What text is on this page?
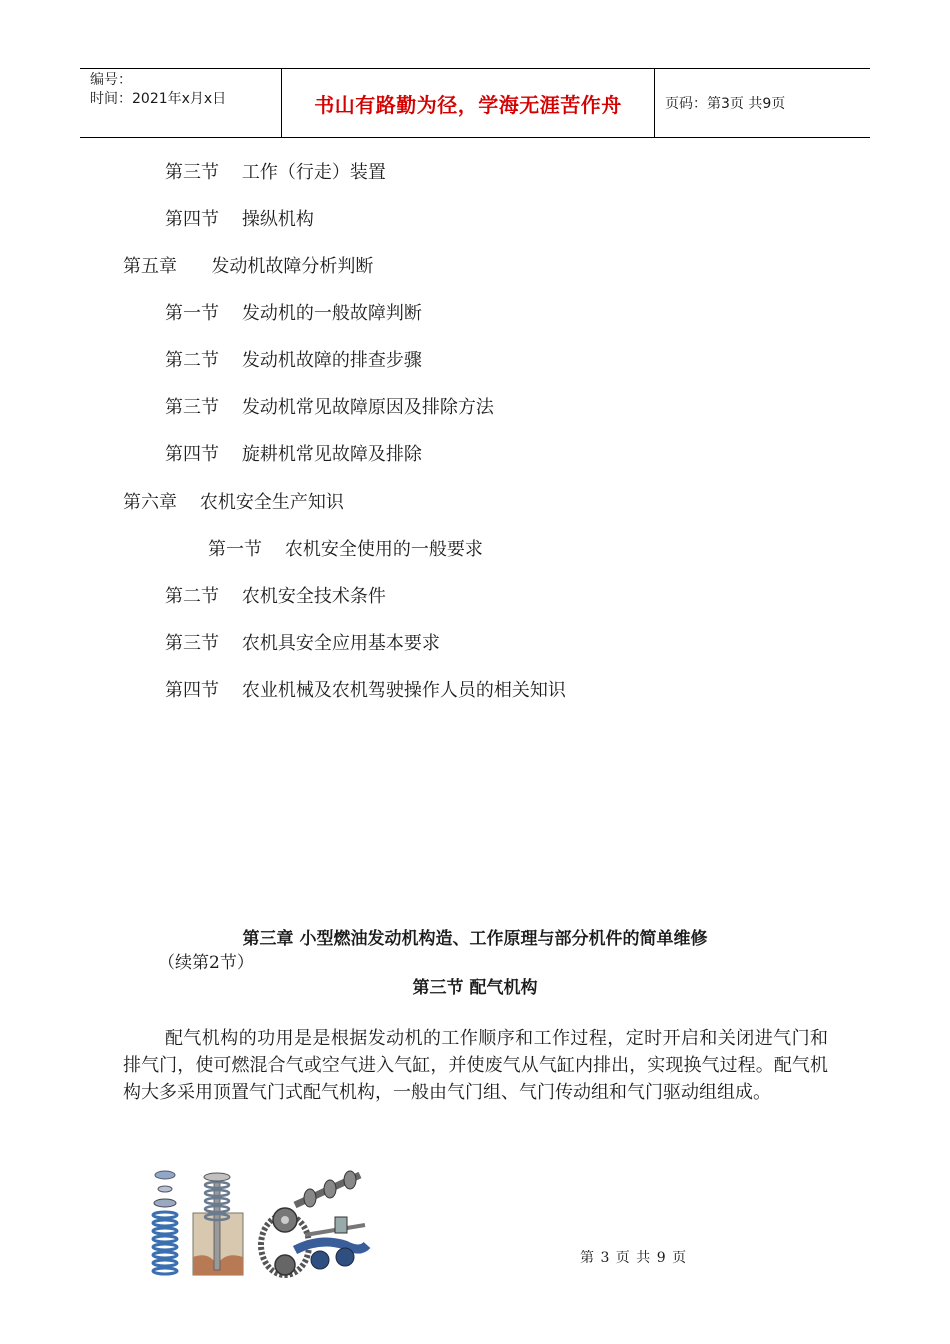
编号：
时间：2021年x月x日	书山有路勤为径，学海无涯苦作舟	页码：第3页 共9页
第三节    工作（行走）装置
第四节    操纵机构
第五章      发动机故障分析判断
第一节    发动机的一般故障判断
第二节    发动机故障的排查步骤
第三节    发动机常见故障原因及排除方法
第四节    旋耕机常见故障及排除
第六章    农机安全生产知识
第一节    农机安全使用的一般要求
第二节    农机安全技术条件
第三节    农机具安全应用基本要求
第四节    农业机械及农机驾驶操作人员的相关知识
第三章 小型燃油发动机构造、工作原理与部分机件的简单维修
（续第2节）
第三节 配气机构
配气机构的功用是是根据发动机的工作顺序和工作过程，定时开启和关闭进气门和排气门，使可燃混合气或空气进入气缸，并使废气从气缸内排出，实现换气过程。配气机构大多采用顶置气门式配气机构，一般由气门组、气门传动组和气门驱动组组成。
第 3 页 共 9 页
